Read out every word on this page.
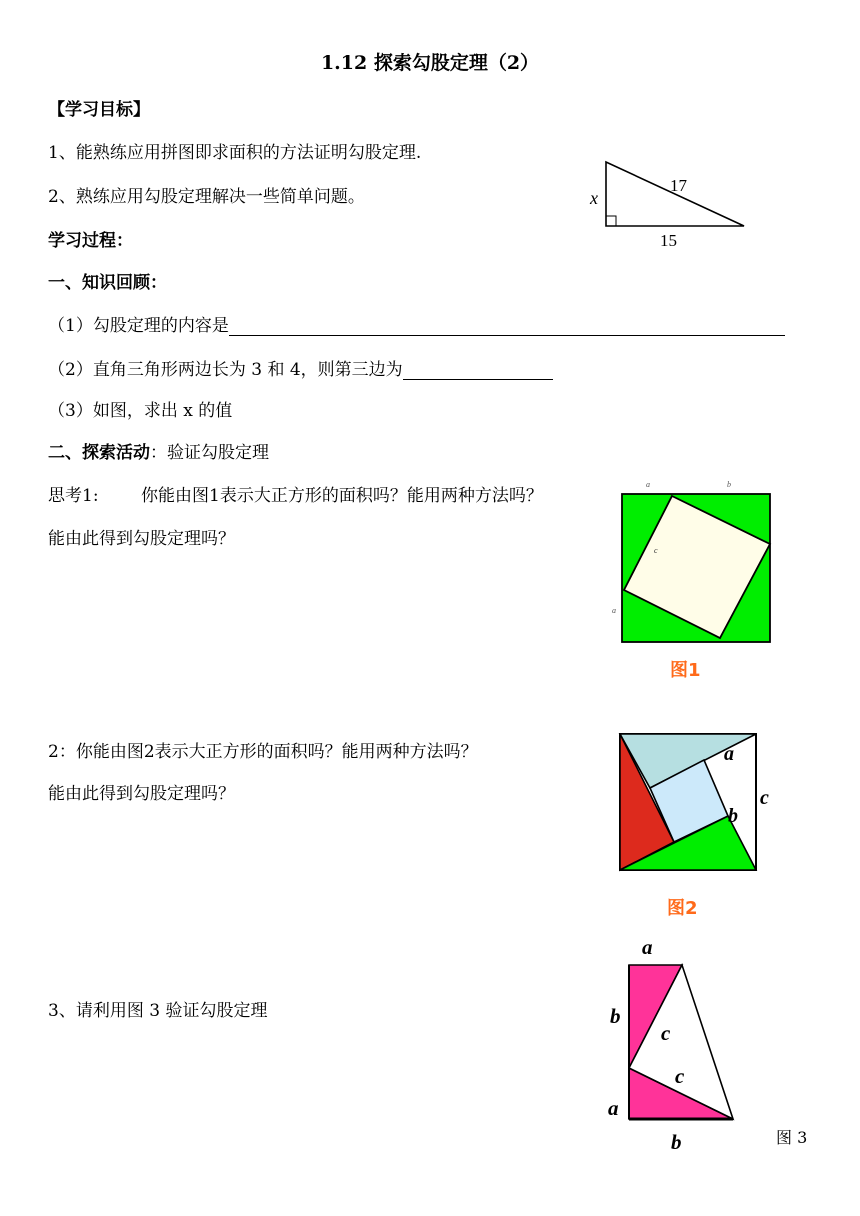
1.12 探索勾股定理（2）
【学习目标】
1、能熟练应用拼图即求面积的方法证明勾股定理.
2、熟练应用勾股定理解决一些简单问题。
学习过程：
一、知识回顾：
（1）勾股定理的内容是
（2）直角三角形两边长为 3 和 4，则第三边为
（3）如图，求出 x 的值
二、探索活动：验证勾股定理
思考1: 你能由图1表示大正方形的面积吗？能用两种方法吗？
能由此得到勾股定理吗？
2：你能由图2表示大正方形的面积吗？能用两种方法吗？
能由此得到勾股定理吗？
3、请利用图 3 验证勾股定理
x
17
15
a	b
c
a
图1
a
b
c
图2
a
b
c
c
a
b	图 3
